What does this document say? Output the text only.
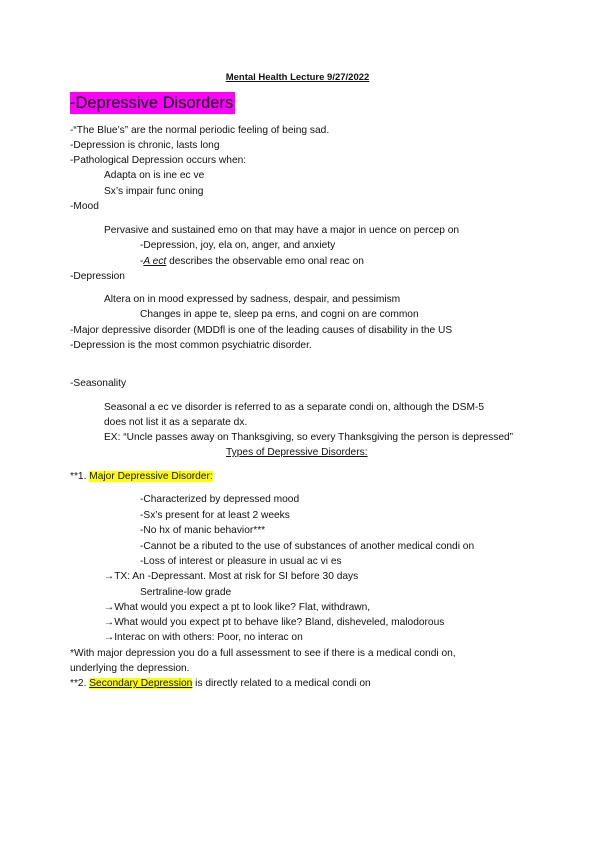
Mental Health Lecture 9/27/2022
-Depressive Disorders
-“The Blue’s” are the normal periodic feeling of being sad.
-Depression is chronic, lasts long
-Pathological Depression occurs when:
Adapta on is ine ec ve
Sx’s impair func oning
-Mood
Pervasive and sustained emo on that may have a major in uence on percep on
-Depression, joy, ela on, anger, and anxiety
-A ect describes the observable emo onal reac on
-Depression
Altera on in mood expressed by sadness, despair, and pessimism
Changes in appe te, sleep pa erns, and cogni on are common
-Major depressive disorder (MDDfl is one of the leading causes of disability in the US
-Depression is the most common psychiatric disorder.
-Seasonality
Seasonal a ec ve disorder is referred to as a separate condi on, although the DSM-5
does not list it as a separate dx.
EX: “Uncle passes away on Thanksgiving, so every Thanksgiving the person is depressed”
Types of Depressive Disorders:
**1. Major Depressive Disorder:
-Characterized by depressed mood
-Sx’s present for at least 2 weeks
-No hx of manic behavior***
-Cannot be a ributed to the use of substances of another medical condi on
-Loss of interest or pleasure in usual ac vi es
→TX: An -Depressant. Most at risk for SI before 30 days
Sertraline-low grade
→What would you expect a pt to look like? Flat, withdrawn,
→What would you expect pt to behave like? Bland, disheveled, malodorous
→Interac on with others: Poor, no interac on
*With major depression you do a full assessment to see if there is a medical condi on,
underlying the depression.
**2. Secondary Depression is directly related to a medical condi on
